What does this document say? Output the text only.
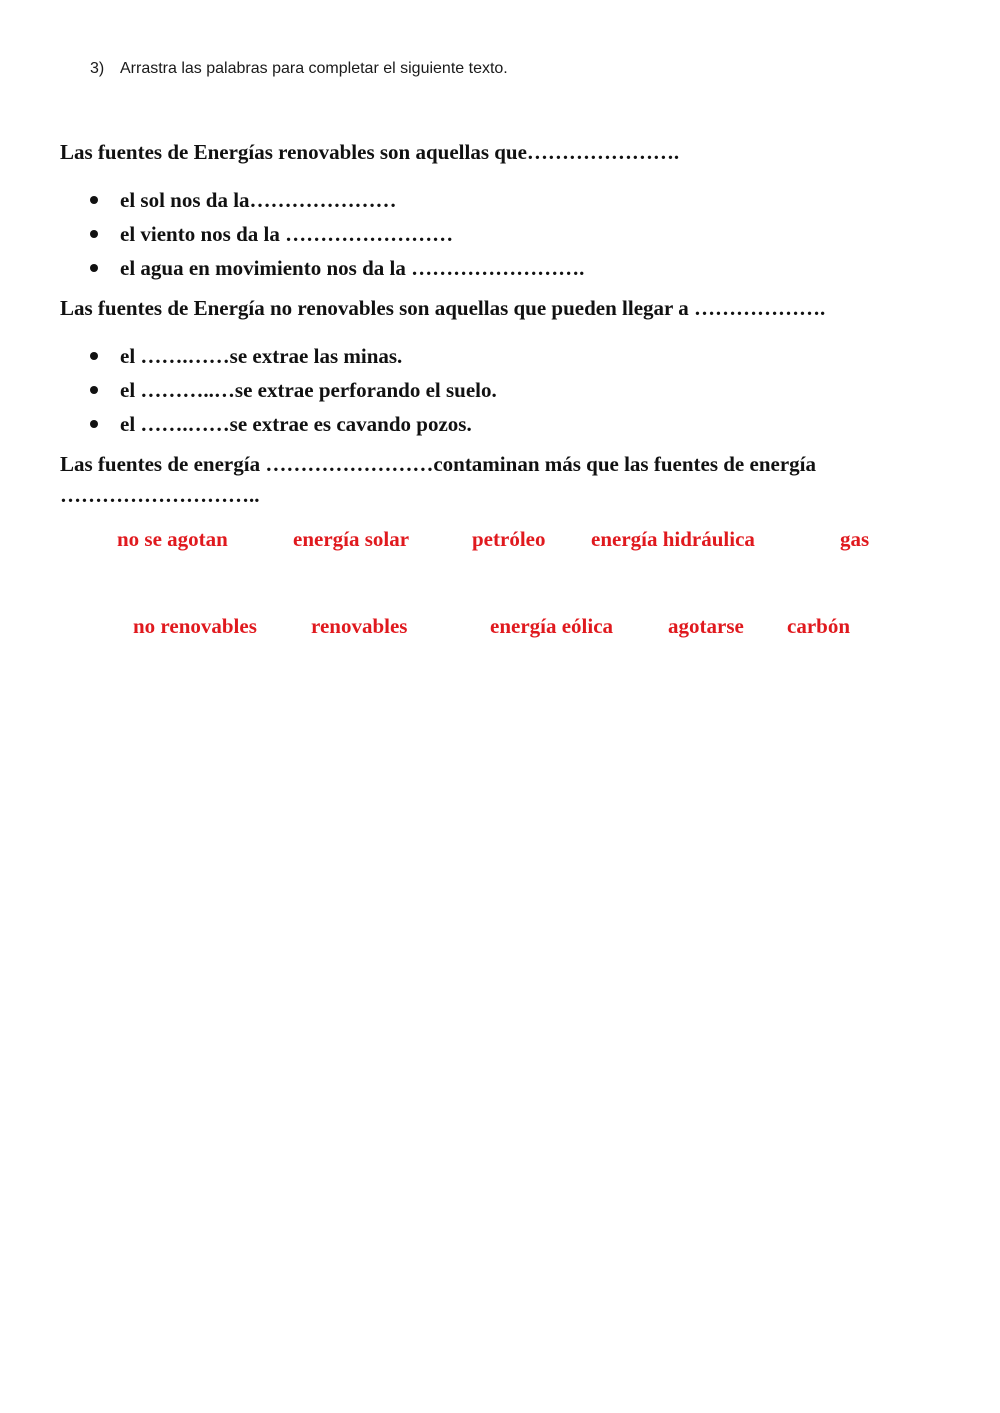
3) Arrastra las palabras para completar el siguiente texto.
Las fuentes de Energías renovables son aquellas que………………….
el sol nos da la…………………
el viento nos da la ……………………
el agua en movimiento nos da la …………………….
Las fuentes de Energía no renovables son aquellas que pueden llegar a ……………….
el …….……se extrae las minas.
el ………..…se extrae perforando el suelo.
el …….……se extrae es cavando pozos.
Las fuentes de energía ……………………contaminan más que las fuentes de energía
………………………..
no se agotan	energía solar	petróleo energía hidráulica	gas
no renovables	renovables	energía eólica	agotarse carbón
